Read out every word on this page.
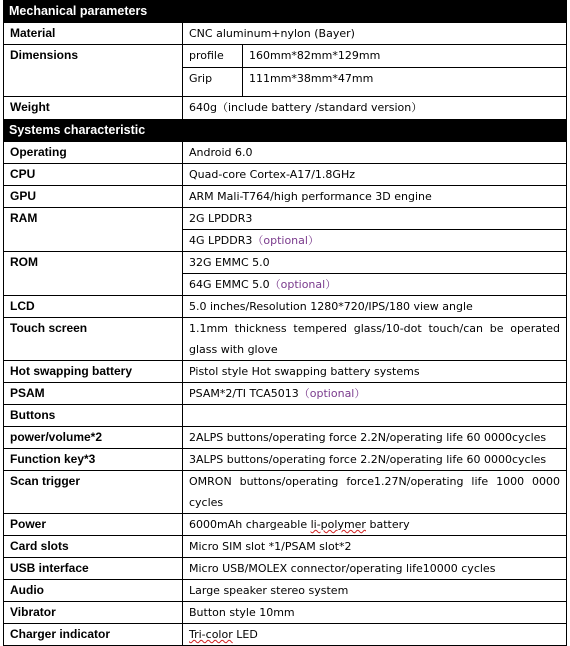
Mechanical parameters		
Material	CNC aluminum+nylon (Bayer)	
Dimensions	profile	160mm*82mm*129mm
	Grip	111mm*38mm*47mm
Weight	640g（include battery /standard version）	
Systems characteristic		
Operating	Android 6.0	
CPU	Quad-core Cortex-A17/1.8GHz	
GPU	ARM Mali-T764/high performance 3D engine	
RAM	2G LPDDR3	
	4G LPDDR3（optional）	
ROM	32G EMMC 5.0	
	64G EMMC 5.0（optional）	
LCD	5.0 inches/Resolution 1280*720/IPS/180 view angle	
Touch screen	1.1mm thickness tempered glass/10-dot touch/can be operated glass with glove	
Hot swapping battery	Pistol style Hot swapping battery systems	
PSAM	PSAM*2/TI TCA5013（optional）	
Buttons		
power/volume*2	2ALPS buttons/operating force 2.2N/operating life 60 0000cycles	
Function key*3	3ALPS buttons/operating force 2.2N/operating life 60 0000cycles	
Scan trigger	OMRON buttons/operating force1.27N/operating life 1000 0000 cycles	
Power	6000mAh chargeable li-polymer battery	
Card slots	Micro SIM slot *1/PSAM slot*2	
USB interface	Micro USB/MOLEX connector/operating life10000 cycles	
Audio	Large speaker stereo system	
Vibrator	Button style 10mm	
Charger indicator	Tri-color LED	
